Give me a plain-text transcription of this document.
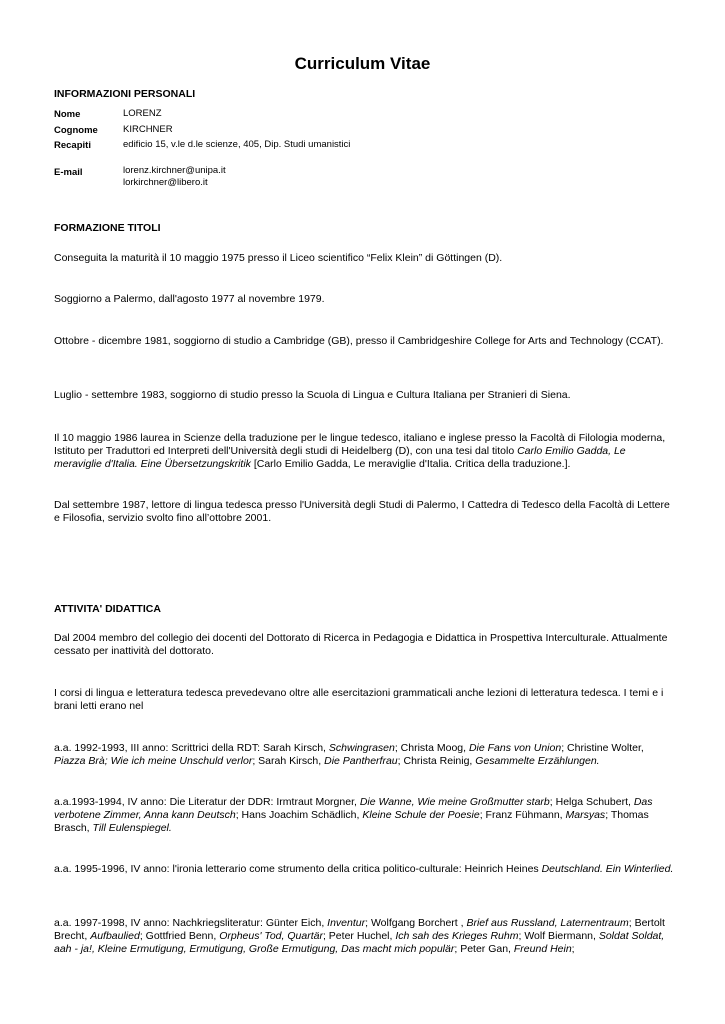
Curriculum Vitae
INFORMAZIONI PERSONALI
Nome	LORENZ
Cognome	KIRCHNER
Recapiti	edificio 15, v.le d.le scienze, 405, Dip. Studi umanistici
E-mail	lorenz.kirchner@unipa.it
lorkirchner@libero.it
FORMAZIONE TITOLI
Conseguita la maturità il 10 maggio 1975 presso il Liceo scientifico “Felix Klein” di Göttingen (D).
Soggiorno a Palermo, dall'agosto 1977 al novembre 1979.
Ottobre - dicembre 1981, soggiorno di studio a Cambridge (GB), presso il Cambridgeshire College for Arts and Technology (CCAT).
Luglio - settembre 1983, soggiorno di studio presso la Scuola di Lingua e Cultura Italiana per Stranieri di Siena.
Il 10 maggio 1986 laurea in Scienze della traduzione per le lingue tedesco, italiano e inglese presso la Facoltà di Filologia moderna, Istituto per Traduttori ed Interpreti dell'Università degli studi di Heidelberg (D), con una tesi dal titolo Carlo Emilio Gadda, Le meraviglie d'Italia. Eine Übersetzungskritik [Carlo Emilio Gadda, Le meraviglie d'Italia. Critica della traduzione.].
Dal settembre 1987, lettore di lingua tedesca presso l'Università degli Studi di Palermo, I Cattedra di Tedesco della Facoltà di Lettere e Filosofia, servizio svolto fino all’ottobre 2001.
ATTIVITA' DIDATTICA
Dal 2004 membro del collegio dei docenti del Dottorato di Ricerca in Pedagogia e Didattica in Prospettiva Interculturale. Attualmente cessato per inattività del dottorato.
I corsi di lingua e letteratura tedesca prevedevano oltre alle esercitazioni grammaticali anche lezioni di letteratura tedesca. I temi e i brani letti erano nel
a.a. 1992-1993, III anno: Scrittrici della RDT: Sarah Kirsch, Schwingrasen; Christa Moog, Die Fans von Union; Christine Wolter, Piazza Brà; Wie ich meine Unschuld verlor; Sarah Kirsch, Die Pantherfrau; Christa Reinig, Gesammelte Erzählungen.
a.a.1993-1994, IV anno: Die Literatur der DDR: Irmtraut Morgner, Die Wanne, Wie meine Großmutter starb; Helga Schubert, Das verbotene Zimmer, Anna kann Deutsch; Hans Joachim Schädlich, Kleine Schule der Poesie; Franz Fühmann, Marsyas; Thomas Brasch, Till Eulenspiegel.
a.a. 1995-1996, IV anno: l'ironia letterario come strumento della critica politico-culturale: Heinrich Heines Deutschland. Ein Winterlied.
a.a. 1997-1998, IV anno: Nachkriegsliteratur: Günter Eich, Inventur; Wolfgang Borchert , Brief aus Russland, Laternentraum; Bertolt Brecht, Aufbaulied; Gottfried Benn, Orpheus' Tod, Quartär; Peter Huchel, Ich sah des Krieges Ruhm; Wolf Biermann, Soldat Soldat, aah - ja!, Kleine Ermutigung, Ermutigung, Große Ermutigung, Das macht mich populär; Peter Gan, Freund Hein;
